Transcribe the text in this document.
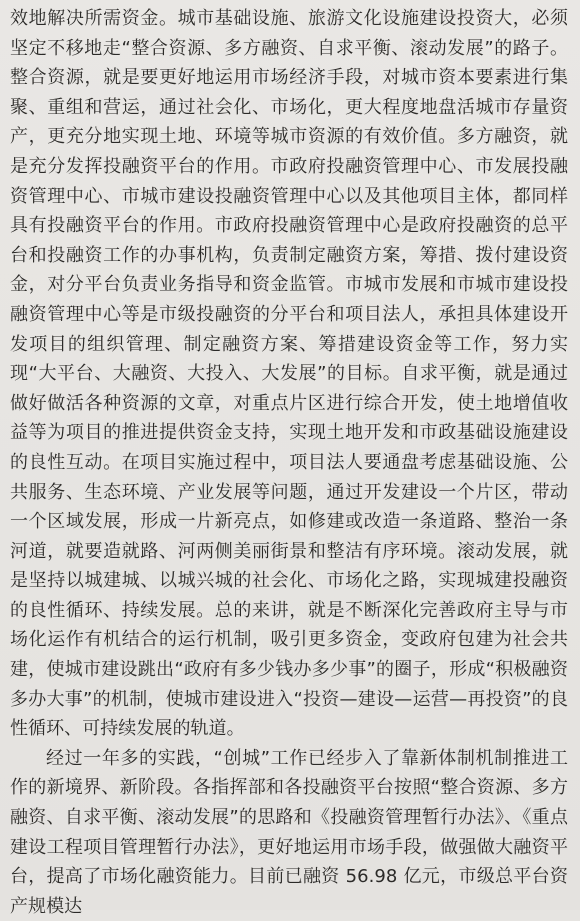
效地解决所需资金。城市基础设施、旅游文化设施建设投资大，必须坚定不移地走“整合资源、多方融资、自求平衡、滚动发展”的路子。整合资源，就是要更好地运用市场经济手段，对城市资本要素进行集聚、重组和营运，通过社会化、市场化，更大程度地盘活城市存量资产，更充分地实现土地、环境等城市资源的有效价值。多方融资，就是充分发挥投融资平台的作用。市政府投融资管理中心、市发展投融资管理中心、市城市建设投融资管理中心以及其他项目主体，都同样具有投融资平台的作用。市政府投融资管理中心是政府投融资的总平台和投融资工作的办事机构，负责制定融资方案，筹措、拨付建设资金，对分平台负责业务指导和资金监管。市城市发展和市城市建设投融资管理中心等是市级投融资的分平台和项目法人，承担具体建设开发项目的组织管理、制定融资方案、筹措建设资金等工作，努力实现“大平台、大融资、大投入、大发展”的目标。自求平衡，就是通过做好做活各种资源的文章，对重点片区进行综合开发，使土地增值收益等为项目的推进提供资金支持，实现土地开发和市政基础设施建设的良性互动。在项目实施过程中，项目法人要通盘考虑基础设施、公共服务、生态环境、产业发展等问题，通过开发建设一个片区，带动一个区域发展，形成一片新亮点，如修建或改造一条道路、整治一条河道，就要造就路、河两侧美丽街景和整洁有序环境。滚动发展，就是坚持以城建城、以城兴城的社会化、市场化之路，实现城建投融资的良性循环、持续发展。总的来讲，就是不断深化完善政府主导与市场化运作有机结合的运行机制，吸引更多资金，变政府包建为社会共建，使城市建设跳出“政府有多少钱办多少事”的圈子，形成“积极融资多办大事”的机制，使城市建设进入“投资—建设—运营—再投资”的良性循环、可持续发展的轨道。

经过一年多的实践，“创城”工作已经步入了靠新体制机制推进工作的新境界、新阶段。各指挥部和各投融资平台按照“整合资源、多方融资、自求平衡、滚动发展”的思路和《投融资管理暂行办法》、《重点建设工程项目管理暂行办法》，更好地运用市场手段，做强做大融资平台，提高了市场化融资能力。目前已融资 56.98 亿元，市级总平台资产规模达
